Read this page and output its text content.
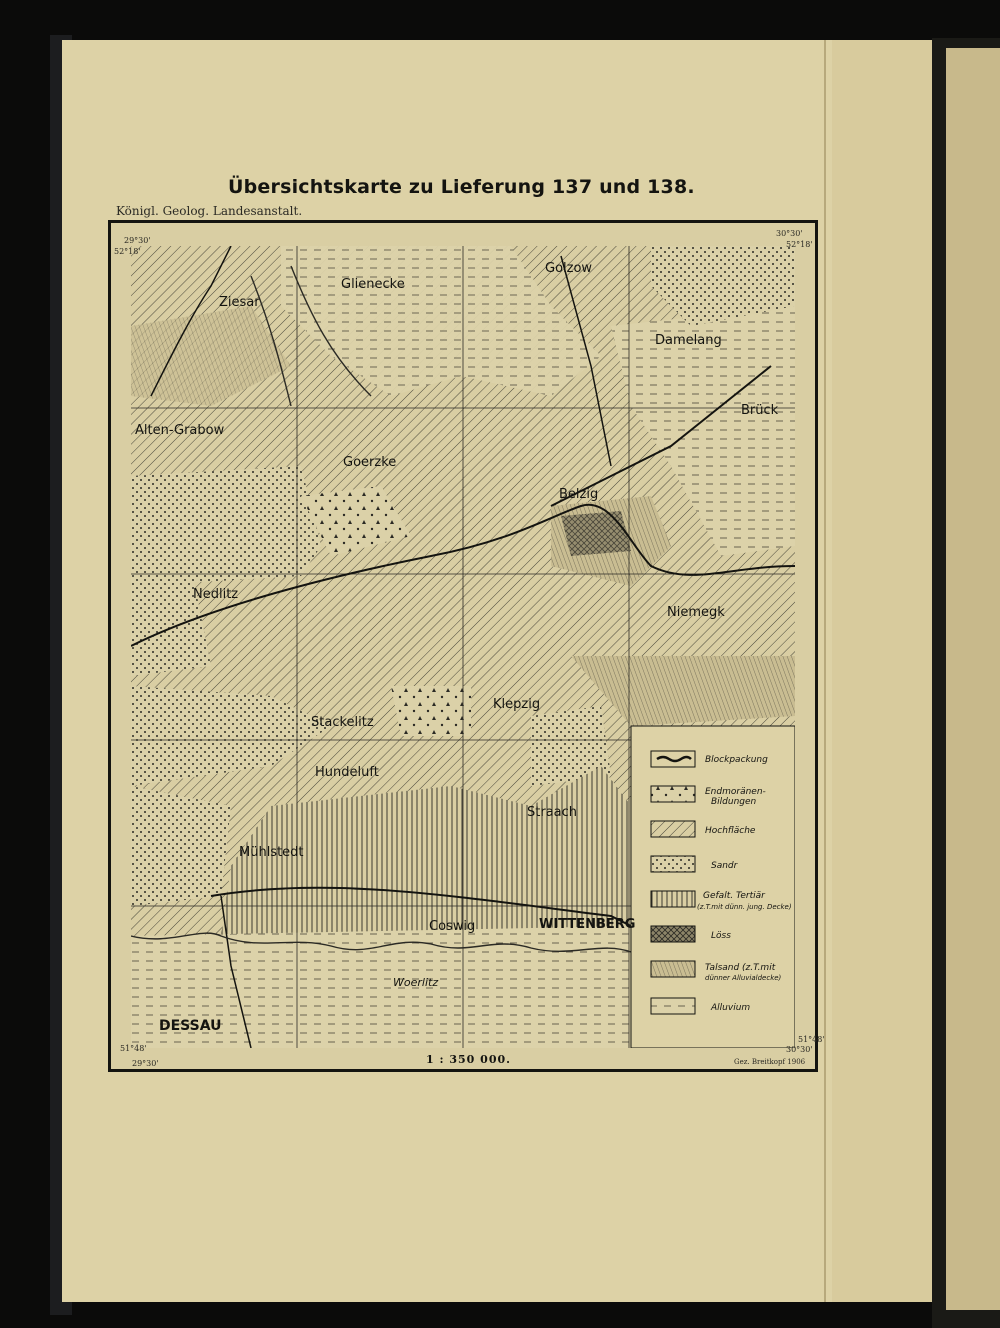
Übersichtskarte zu Lieferung 137 und 138.
Königl. Geolog. Landesanstalt.
Ziesar
Glienecke
Golzow
Damelang
Brück
Alten-Grabow
Goerzke
Belzig
Nedlitz
Niemegk
Klepzig
Stackelitz
Hundeluft
Straach
Mühlstedt
Coswig	WITTENBERG
Woerlitz
DESSAU
Blockpackung
Endmoränen-
Bildungen
Hochfläche
Sandr
Gefalt. Tertiär
(z.T.mit dünn. jung. Decke)
Löss
Talsand (z.T.mit
dünner Alluvialdecke)
Alluvium
29°30'
52°18'
30°30'
52°18'
51°48'
29°30'
51°48'
30°30'
1 : 350 000.	Gez. Breitkopf 1906
